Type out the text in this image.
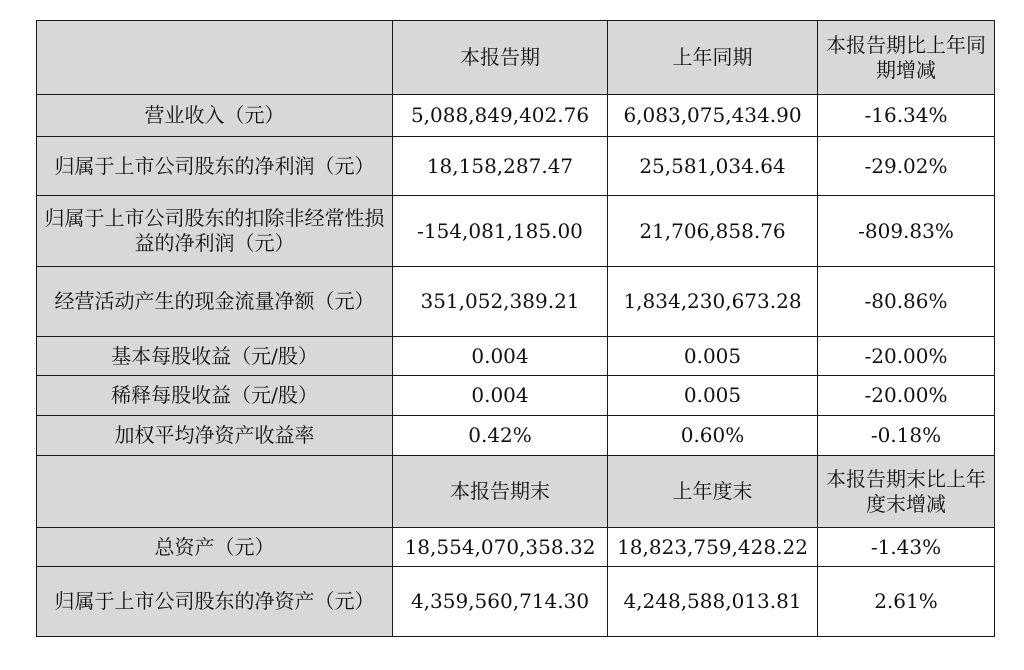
	本报告期	上年同期	本报告期比上年同期增减
营业收入（元）	5,088,849,402.76	6,083,075,434.90	-16.34%
归属于上市公司股东的净利润（元）	18,158,287.47	25,581,034.64	-29.02%
归属于上市公司股东的扣除非经常性损益的净利润（元）	-154,081,185.00	21,706,858.76	-809.83%
经营活动产生的现金流量净额（元）	351,052,389.21	1,834,230,673.28	-80.86%
基本每股收益（元/股）	0.004	0.005	-20.00%
稀释每股收益（元/股）	0.004	0.005	-20.00%
加权平均净资产收益率	0.42%	0.60%	-0.18%
	本报告期末	上年度末	本报告期末比上年度末增减
总资产（元）	18,554,070,358.32	18,823,759,428.22	-1.43%
归属于上市公司股东的净资产（元）	4,359,560,714.30	4,248,588,013.81	2.61%
